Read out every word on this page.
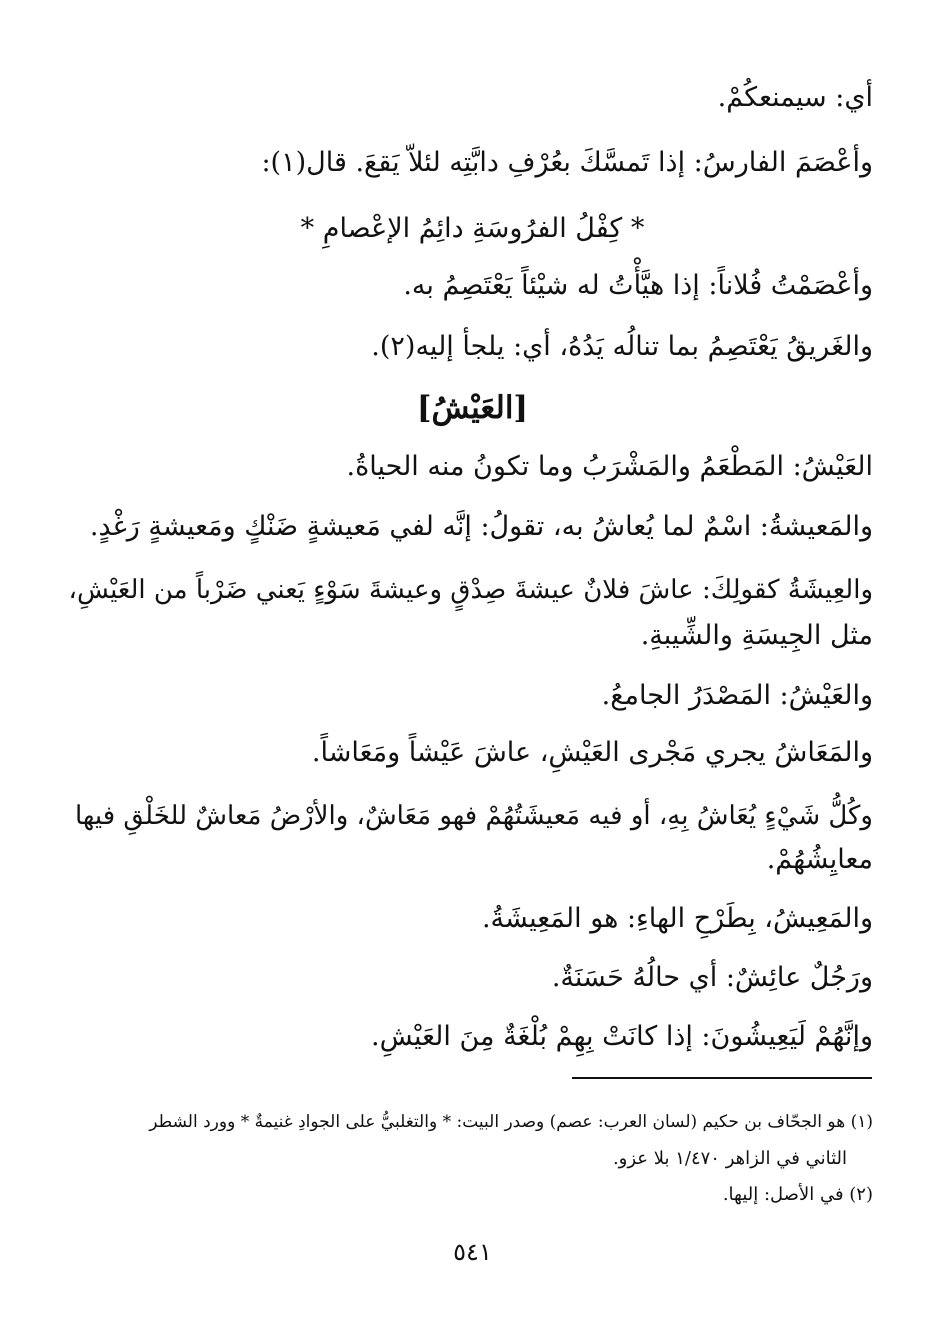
أي: سيمنعكُمْ.
وأعْصَمَ الفارسُ: إذا تَمسَّكَ بعُرْفِ دابَّتِه لئلاّ يَقعَ. قال(١):
* كِفْلُ الفرُوسَةِ دائِمُ الإعْصامِ *
وأعْصَمْتُ فُلاناً: إذا هيَّأْتُ له شيْئاً يَعْتَصِمُ به.
والغَريقُ يَعْتَصِمُ بما تنالُه يَدُهُ، أي: يلجأ إليه(٢).
[العَيْشُ]
العَيْشُ: المَطْعَمُ والمَشْرَبُ وما تكونُ منه الحياةُ.
والمَعيشةُ: اسْمٌ لما يُعاشُ به، تقولُ: إنَّه لفي مَعيشةٍ ضَنْكٍ ومَعيشةٍ رَغْدٍ.
والعِيشَةُ كقولِكَ: عاشَ فلانٌ عيشةَ صِدْقٍ وعيشةَ سَوْءٍ يَعني ضَرْباً من العَيْشِ،
مثل الجِيسَةِ والشِّيبةِ.
والعَيْشُ: المَصْدَرُ الجامعُ.
والمَعَاشُ يجري مَجْرى العَيْشِ، عاشَ عَيْشاً ومَعَاشاً.
وكُلُّ شَيْءٍ يُعَاشُ بِهِ، أو فيه مَعيشَتُهُمْ فهو مَعَاشٌ، والأرْضُ مَعاشٌ للخَلْقِ فيها
معايِشُهُمْ.
والمَعِيشُ، بِطَرْحِ الهاءِ: هو المَعِيشَةُ.
ورَجُلٌ عائِشٌ: أي حالُهُ حَسَنَةٌ.
وإنَّهُمْ لَيَعِيشُونَ: إذا كانَتْ بِهِمْ بُلْغَةٌ مِنَ العَيْشِ.
(١) هو الجحّاف بن حكيم (لسان العرب: عصم) وصدر البيت: * والتغلبيُّ على الجوادِ غنيمةٌ * وورد الشطر
الثاني في الزاهر ١/٤٧٠ بلا عزو.
(٢) في الأصل: إليها.
٥٤١
